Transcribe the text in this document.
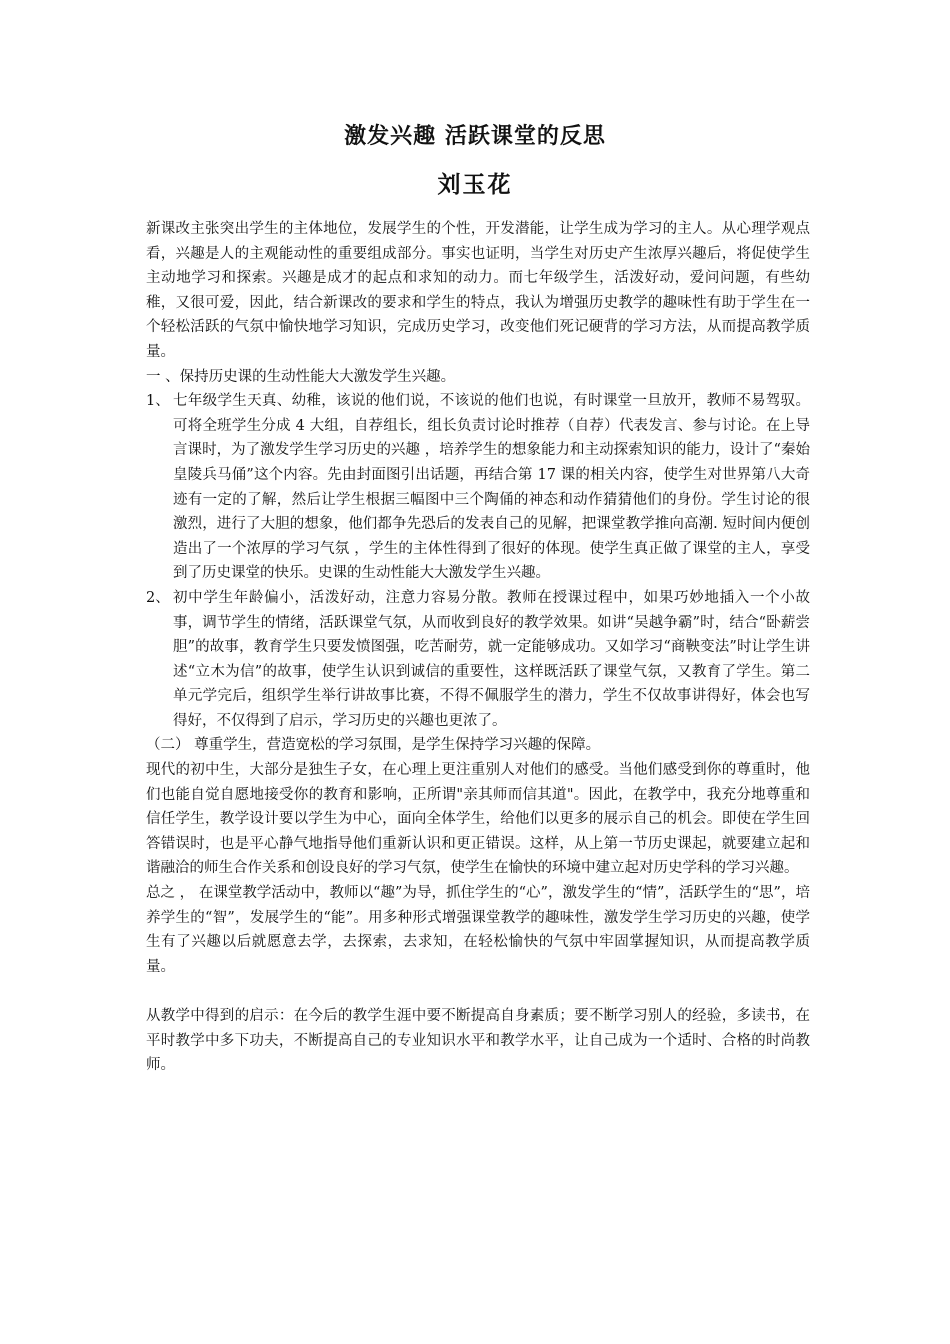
激发兴趣 活跃课堂的反思
刘玉花

新课改主张突出学生的主体地位，发展学生的个性，开发潜能，让学生成为学习的主人。从心理学观点看，兴趣是人的主观能动性的重要组成部分。事实也证明，当学生对历史产生浓厚兴趣后，将促使学生主动地学习和探索。兴趣是成才的起点和求知的动力。而七年级学生，活泼好动，爱问问题，有些幼稚，又很可爱，因此，结合新课改的要求和学生的特点，我认为增强历史教学的趣味性有助于学生在一个轻松活跃的气氛中愉快地学习知识，完成历史学习，改变他们死记硬背的学习方法，从而提高教学质量。

一 、保持历史课的生动性能大大激发学生兴趣。

1、 七年级学生天真、幼稚，该说的他们说，不该说的他们也说，有时课堂一旦放开，教师不易驾驭。可将全班学生分成 4 大组，自荐组长，组长负责讨论时推荐（自荐）代表发言、参与讨论。在上导言课时，为了激发学生学习历史的兴趣 ，培养学生的想象能力和主动探索知识的能力，设计了“秦始皇陵兵马俑”这个内容。先由封面图引出话题，再结合第 17 课的相关内容，使学生对世界第八大奇迹有一定的了解，然后让学生根据三幅图中三个陶俑的神态和动作猜猜他们的身份。学生讨论的很激烈，进行了大胆的想象，他们都争先恐后的发表自己的见解，把课堂教学推向高潮. 短时间内便创造出了一个浓厚的学习气氛 ，学生的主体性得到了很好的体现。使学生真正做了课堂的主人，享受到了历史课堂的快乐。史课的生动性能大大激发学生兴趣。
2、 初中学生年龄偏小，活泼好动，注意力容易分散。教师在授课过程中，如果巧妙地插入一个小故事，调节学生的情绪，活跃课堂气氛，从而收到良好的教学效果。如讲“吴越争霸”时，结合“卧薪尝胆”的故事，教育学生只要发愤图强，吃苦耐劳，就一定能够成功。又如学习“商鞅变法”时让学生讲述“立木为信”的故事，使学生认识到诚信的重要性，这样既活跃了课堂气氛，又教育了学生。第二单元学完后，组织学生举行讲故事比赛，不得不佩服学生的潜力，学生不仅故事讲得好，体会也写得好，不仅得到了启示，学习历史的兴趣也更浓了。

（二） 尊重学生，营造宽松的学习氛围，是学生保持学习兴趣的保障。

现代的初中生，大部分是独生子女，在心理上更注重别人对他们的感受。当他们感受到你的尊重时，他们也能自觉自愿地接受你的教育和影响，正所谓"亲其师而信其道"。因此，在教学中，我充分地尊重和信任学生，教学设计要以学生为中心，面向全体学生，给他们以更多的展示自己的机会。即使在学生回答错误时，也是平心静气地指导他们重新认识和更正错误。这样，从上第一节历史课起，就要建立起和谐融洽的师生合作关系和创设良好的学习气氛，使学生在愉快的环境中建立起对历史学科的学习兴趣。

总之 ， 在课堂教学活动中，教师以“趣”为导，抓住学生的“心”，激发学生的“情”，活跃学生的“思”，培养学生的“智”，发展学生的“能”。用多种形式增强课堂教学的趣味性，激发学生学习历史的兴趣，使学生有了兴趣以后就愿意去学，去探索，去求知，在轻松愉快的气氛中牢固掌握知识，从而提高教学质量。

从教学中得到的启示：在今后的教学生涯中要不断提高自身素质；要不断学习别人的经验，多读书，在平时教学中多下功夫，不断提高自己的专业知识水平和教学水平，让自己成为一个适时、合格的时尚教师。
